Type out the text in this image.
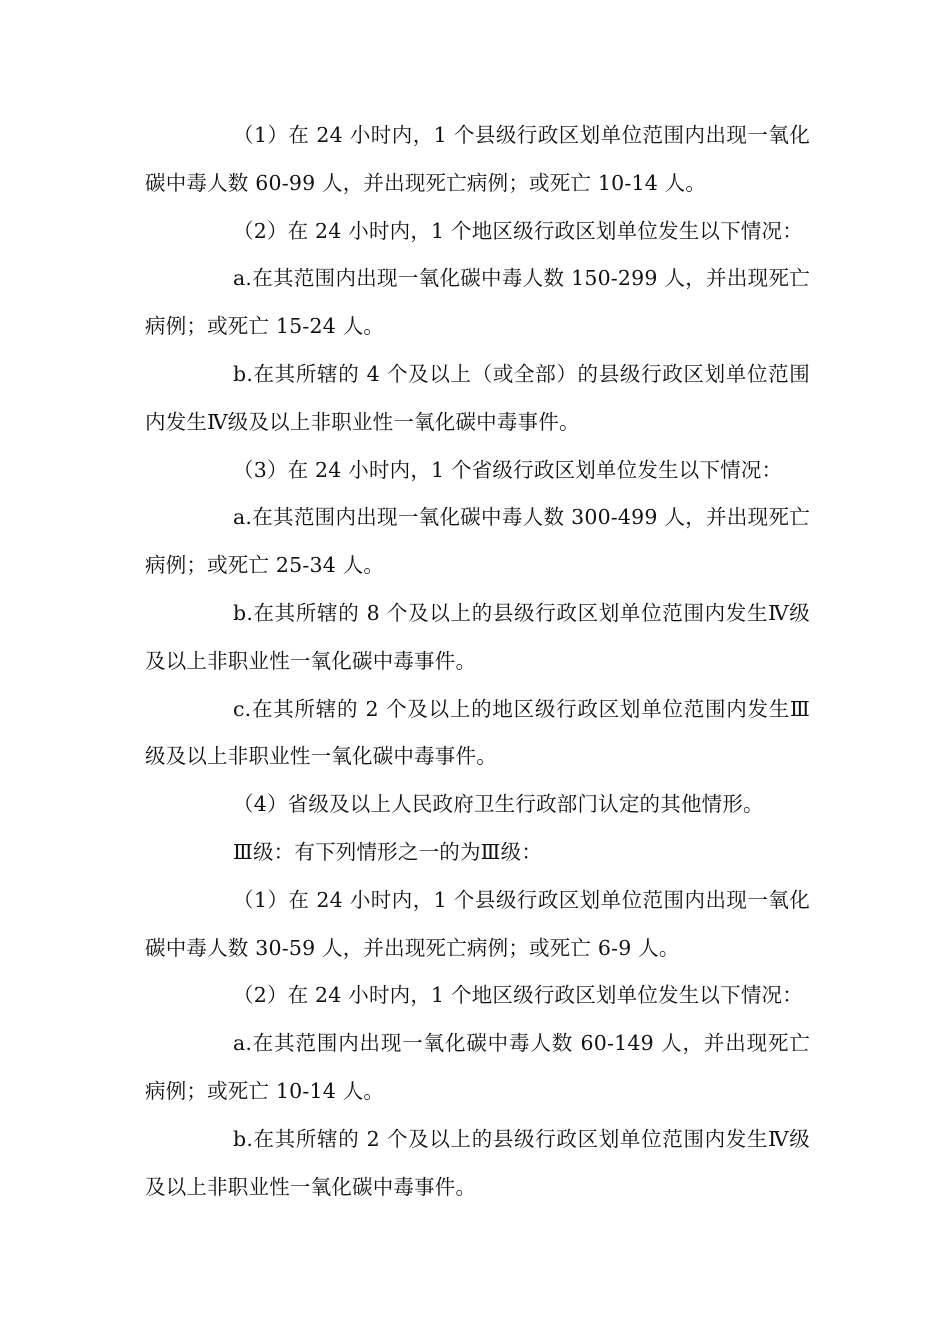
（1）在 24 小时内，1 个县级行政区划单位范围内出现一氧化碳中毒人数 60-99 人，并出现死亡病例；或死亡 10-14 人。

（2）在 24 小时内，1 个地区级行政区划单位发生以下情况：

a.在其范围内出现一氧化碳中毒人数 150-299 人，并出现死亡病例；或死亡 15-24 人。

b.在其所辖的 4 个及以上（或全部）的县级行政区划单位范围内发生Ⅳ级及以上非职业性一氧化碳中毒事件。

（3）在 24 小时内，1 个省级行政区划单位发生以下情况：

a.在其范围内出现一氧化碳中毒人数 300-499 人，并出现死亡病例；或死亡 25-34 人。

b.在其所辖的 8 个及以上的县级行政区划单位范围内发生Ⅳ级及以上非职业性一氧化碳中毒事件。

c.在其所辖的 2 个及以上的地区级行政区划单位范围内发生Ⅲ级及以上非职业性一氧化碳中毒事件。

（4）省级及以上人民政府卫生行政部门认定的其他情形。

Ⅲ级：有下列情形之一的为Ⅲ级：

（1）在 24 小时内，1 个县级行政区划单位范围内出现一氧化碳中毒人数 30-59 人，并出现死亡病例；或死亡 6-9 人。

（2）在 24 小时内，1 个地区级行政区划单位发生以下情况：

a.在其范围内出现一氧化碳中毒人数 60-149 人，并出现死亡病例；或死亡 10-14 人。

b.在其所辖的 2 个及以上的县级行政区划单位范围内发生Ⅳ级及以上非职业性一氧化碳中毒事件。
